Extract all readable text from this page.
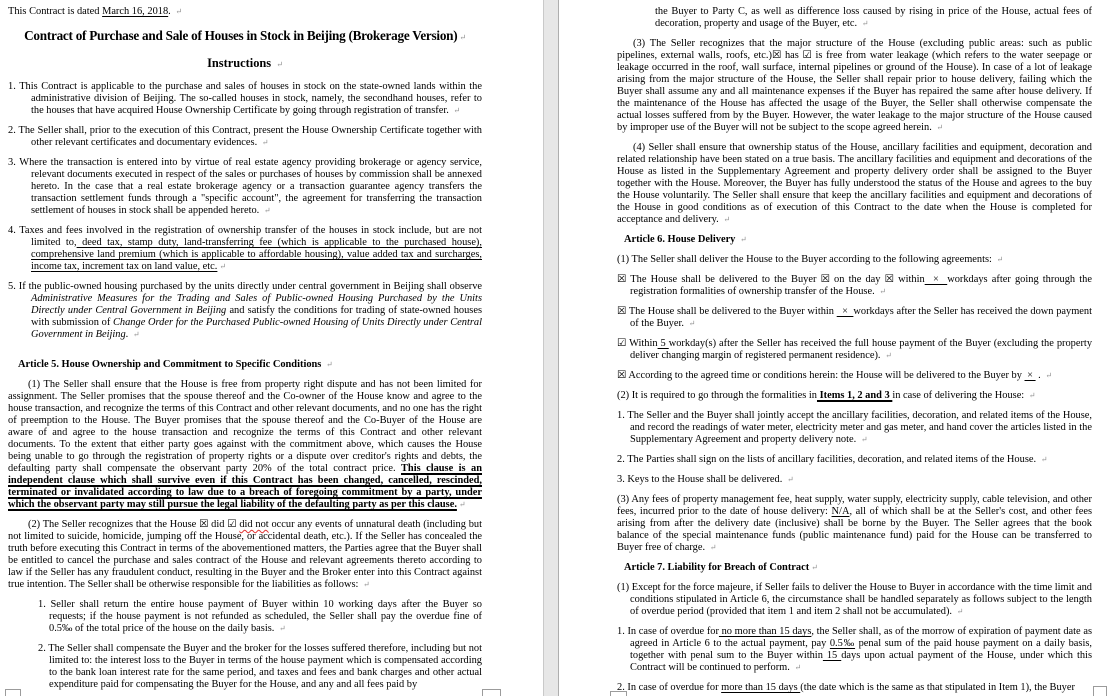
This Contract is dated March 16, 2018. ↵

Contract of Purchase and Sale of Houses in Stock in Beijing (Brokerage Version) ↵

Instructions ↵

1. This Contract is applicable to the purchase and sales of houses in stock on the state-owned lands within the administrative division of Beijing. The so-called houses in stock, namely, the secondhand houses, refer to the houses that have acquired House Ownership Certificate by going through registration of transfer. ↵

2. The Seller shall, prior to the execution of this Contract, present the House Ownership Certificate together with other relevant certificates and documentary evidences. ↵

3. Where the transaction is entered into by virtue of real estate agency providing brokerage or agency service, relevant documents executed in respect of the sales or purchases of houses by commission shall be annexed hereto. In the case that a real estate brokerage agency or a transaction guarantee agency transfers the transaction settlement funds through a "specific account", the agreement for transferring the transaction settlement of houses in stock shall be appended hereto. ↵

4. Taxes and fees involved in the registration of ownership transfer of the houses in stock include, but are not limited to, deed tax, stamp duty, land-transferring fee (which is applicable to the purchased house), comprehensive land premium (which is applicable to affordable housing), value added tax and surcharges, income tax, increment tax on land value, etc. ↵

5. If the public-owned housing purchased by the units directly under central government in Beijing shall observe Administrative Measures for the Trading and Sales of Public-owned Housing Purchased by the Units Directly under Central Government in Beijing and satisfy the conditions for trading of state-owned houses with submission of Change Order for the Purchased Public-owned Housing of Units Directly under Central Government in Beijing. ↵

Article 5. House Ownership and Commitment to Specific Conditions ↵

(1) The Seller shall ensure that the House is free from property right dispute and has not been limited for assignment. The Seller promises that the spouse thereof and the Co-owner of the House know and agree to the house transaction, and recognize the terms of this Contract and other relevant documents, and no one has the right of preemption to the House. The Buyer promises that the spouse thereof and the Co-Buyer of the House are aware of and agree to the house transaction and recognize the terms of this Contract and other relevant documents. To the extent that either party goes against with the commitment above, which causes the House being unable to go through the registration of property rights or a dispute over creditor's rights and debts, the defaulting party shall compensate the observant party 20% of the total contract price. This clause is an independent clause which shall survive even if this Contract has been changed, cancelled, rescinded, terminated or invalidated according to law due to a breach of foregoing commitment by a party, under which the observant party may still pursue the legal liability of the defaulting party as per this clause. ↵

(2) The Seller recognizes that the House ☒ did ☑ did not occur any events of unnatural death (including but not limited to suicide, homicide, jumping off the House, or accidental death, etc.). If the Seller has concealed the truth before executing this Contract in terms of the abovementioned matters, the Parties agree that the Buyer shall be entitled to cancel the purchase and sales contract of the House and relevant agreements thereto according to law if the Seller has any fraudulent conduct, resulting in the Buyer and the Broker enter into this Contract against true intention. The Seller shall be otherwise responsible for the liabilities as follows: ↵

1. Seller shall return the entire house payment of Buyer within 10 working days after the Buyer so requests; if the house payment is not refunded as scheduled, the Seller shall pay the overdue fine of 0.5‰ of the total price of the house on the daily basis. ↵

2. The Seller shall compensate the Buyer and the broker for the losses suffered therefore, including but not limited to: the interest loss to the Buyer in terms of the house payment which is compensated according to the bank loan interest rate for the same period, and taxes and fees and bank charges and other actual expenditure paid for compensating the Buyer for the House, and any and all fees paid by

the Buyer to Party C, as well as difference loss caused by rising in price of the House, actual fees of decoration, property and usage of the Buyer, etc. ↵

(3) The Seller recognizes that the major structure of the House (excluding public areas: such as public pipelines, external walls, roofs, etc.)☒ has ☑ is free from water leakage (which refers to the water seepage or leakage occurred in the roof, wall surface, internal pipelines or ground of the House). In case of a lot of leakage arising from the major structure of the House, the Seller shall repair prior to house delivery, failing which the Buyer shall assume any and all maintenance expenses if the Buyer has repaired the same after house delivery. If the maintenance of the House has affected the usage of the Buyer, the Seller shall otherwise compensate the actual losses suffered from by the Buyer. However, the water leakage to the major structure of the House caused by improper use of the Buyer will not be subject to the scope agreed herein. ↵

(4) Seller shall ensure that ownership status of the House, ancillary facilities and equipment, decoration and related relationship have been stated on a true basis. The ancillary facilities and equipment and decorations of the House as listed in the Supplementary Agreement and property delivery order shall be assigned to the Buyer together with the House. Moreover, the Buyer has fully understood the status of the House and agrees to the buy the House voluntarily. The Seller shall ensure that keep the ancillary facilities and equipment and decorations of the House in good conditions as of execution of this Contract to the date when the House is completed for acceptance and delivery. ↵

Article 6. House Delivery ↵

(1) The Seller shall deliver the House to the Buyer according to the following agreements: ↵

☒ The House shall be delivered to the Buyer ☒ on the day ☒ within  ×  workdays after going through the registration formalities of ownership transfer of the House. ↵

☒ The House shall be delivered to the Buyer within   ×  workdays after the Seller has received the down payment of the Buyer. ↵

☑ Within 5 workday(s) after the Seller has received the full house payment of the Buyer (excluding the property deliver changing margin of registered permanent residence). ↵

☒ According to the agreed time or conditions herein: the House will be delivered to the Buyer by  ×  . ↵

(2) It is required to go through the formalities in Items 1, 2 and 3 in case of delivering the House: ↵

1. The Seller and the Buyer shall jointly accept the ancillary facilities, decoration, and related items of the House, and record the readings of water meter, electricity meter and gas meter, and hand cover the articles listed in the Supplementary Agreement and property delivery note. ↵

2. The Parties shall sign on the lists of ancillary facilities, decoration, and related items of the House. ↵

3. Keys to the House shall be delivered. ↵

(3) Any fees of property management fee, heat supply, water supply, electricity supply, cable television, and other fees, incurred prior to the date of house delivery: N/A, all of which shall be at the Seller's cost, and other fees arising from after the delivery date (inclusive) shall be borne by the Buyer. The Seller agrees that the book balance of the special maintenance funds (public maintenance fund) paid for the House can be transferred to Buyer free of charge. ↵

Article 7. Liability for Breach of Contract ↵

(1) Except for the force majeure, if Seller fails to deliver the House to Buyer in accordance with the time limit and conditions stipulated in Article 6, the circumstance shall be handled separately as follows subject to the length of overdue period (provided that item 1 and item 2 shall not be accumulated). ↵

1. In case of overdue for no more than 15 days, the Seller shall, as of the morrow of expiration of payment date as agreed in Article 6 to the actual payment, pay 0.5‰ penal sum of the paid house payment on a daily basis, together with penal sum to the Buyer within 15 days upon actual payment of the House, under which this Contract will be continued to perform. ↵

2. In case of overdue for more than 15 days (the date which is the same as that stipulated in Item 1), the Buyer
